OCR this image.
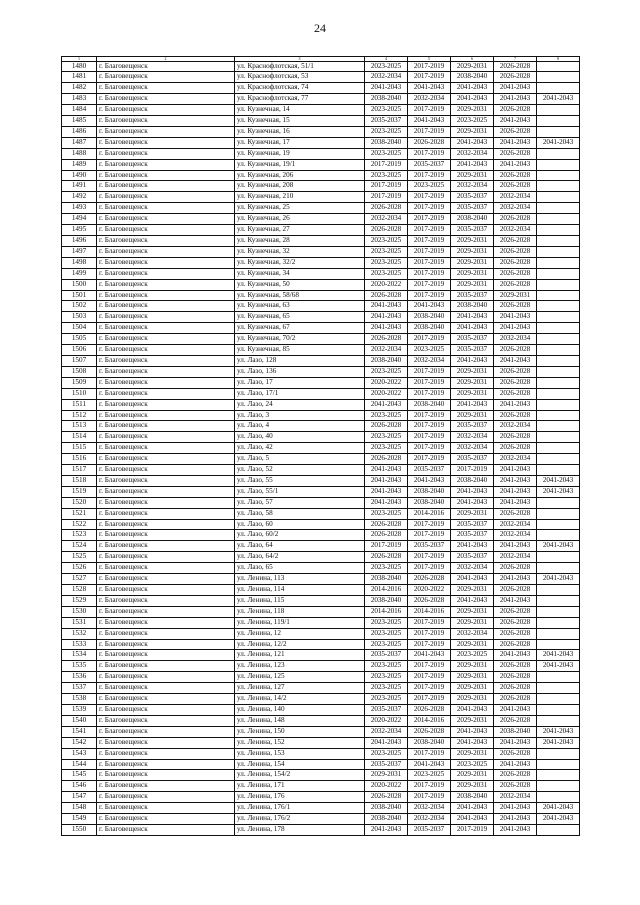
24
1	2	3	4	5	6	7	8
1480	г. Благовещенск	ул. Краснофлотская, 51/1	2023-2025	2017-2019	2029-2031	2026-2028	
1481	г. Благовещенск	ул. Краснофлотская, 53	2032-2034	2017-2019	2038-2040	2026-2028	
1482	г. Благовещенск	ул. Краснофлотская, 74	2041-2043	2041-2043	2041-2043	2041-2043	
1483	г. Благовещенск	ул. Краснофлотская, 77	2038-2040	2032-2034	2041-2043	2041-2043	2041-2043
1484	г. Благовещенск	ул. Кузнечная, 14	2023-2025	2017-2019	2029-2031	2026-2028	
1485	г. Благовещенск	ул. Кузнечная, 15	2035-2037	2041-2043	2023-2025	2041-2043	
1486	г. Благовещенск	ул. Кузнечная, 16	2023-2025	2017-2019	2029-2031	2026-2028	
1487	г. Благовещенск	ул. Кузнечная, 17	2038-2040	2026-2028	2041-2043	2041-2043	2041-2043
1488	г. Благовещенск	ул. Кузнечная, 19	2023-2025	2017-2019	2032-2034	2026-2028	
1489	г. Благовещенск	ул. Кузнечная, 19/1	2017-2019	2035-2037	2041-2043	2041-2043	
1490	г. Благовещенск	ул. Кузнечная, 206	2023-2025	2017-2019	2029-2031	2026-2028	
1491	г. Благовещенск	ул. Кузнечная, 208	2017-2019	2023-2025	2032-2034	2026-2028	
1492	г. Благовещенск	ул. Кузнечная, 210	2017-2019	2017-2019	2035-2037	2032-2034	
1493	г. Благовещенск	ул. Кузнечная, 25	2026-2028	2017-2019	2035-2037	2032-2034	
1494	г. Благовещенск	ул. Кузнечная, 26	2032-2034	2017-2019	2038-2040	2026-2028	
1495	г. Благовещенск	ул. Кузнечная, 27	2026-2028	2017-2019	2035-2037	2032-2034	
1496	г. Благовещенск	ул. Кузнечная, 28	2023-2025	2017-2019	2029-2031	2026-2028	
1497	г. Благовещенск	ул. Кузнечная, 32	2023-2025	2017-2019	2029-2031	2026-2028	
1498	г. Благовещенск	ул. Кузнечная, 32/2	2023-2025	2017-2019	2029-2031	2026-2028	
1499	г. Благовещенск	ул. Кузнечная, 34	2023-2025	2017-2019	2029-2031	2026-2028	
1500	г. Благовещенск	ул. Кузнечная, 50	2020-2022	2017-2019	2029-2031	2026-2028	
1501	г. Благовещенск	ул. Кузнечная, 58/68	2026-2028	2017-2019	2035-2037	2029-2031	
1502	г. Благовещенск	ул. Кузнечная, 63	2041-2043	2041-2043	2038-2040	2026-2028	
1503	г. Благовещенск	ул. Кузнечная, 65	2041-2043	2038-2040	2041-2043	2041-2043	
1504	г. Благовещенск	ул. Кузнечная, 67	2041-2043	2038-2040	2041-2043	2041-2043	
1505	г. Благовещенск	ул. Кузнечная, 70/2	2026-2028	2017-2019	2035-2037	2032-2034	
1506	г. Благовещенск	ул. Кузнечная, 85	2032-2034	2023-2025	2035-2037	2026-2028	
1507	г. Благовещенск	ул. Лазо, 128	2038-2040	2032-2034	2041-2043	2041-2043	
1508	г. Благовещенск	ул. Лазо, 136	2023-2025	2017-2019	2029-2031	2026-2028	
1509	г. Благовещенск	ул. Лазо, 17	2020-2022	2017-2019	2029-2031	2026-2028	
1510	г. Благовещенск	ул. Лазо, 17/1	2020-2022	2017-2019	2029-2031	2026-2028	
1511	г. Благовещенск	ул. Лазо, 24	2041-2043	2038-2040	2041-2043	2041-2043	
1512	г. Благовещенск	ул. Лазо, 3	2023-2025	2017-2019	2029-2031	2026-2028	
1513	г. Благовещенск	ул. Лазо, 4	2026-2028	2017-2019	2035-2037	2032-2034	
1514	г. Благовещенск	ул. Лазо, 40	2023-2025	2017-2019	2032-2034	2026-2028	
1515	г. Благовещенск	ул. Лазо, 42	2023-2025	2017-2019	2032-2034	2026-2028	
1516	г. Благовещенск	ул. Лазо, 5	2026-2028	2017-2019	2035-2037	2032-2034	
1517	г. Благовещенск	ул. Лазо, 52	2041-2043	2035-2037	2017-2019	2041-2043	
1518	г. Благовещенск	ул. Лазо, 55	2041-2043	2041-2043	2038-2040	2041-2043	2041-2043
1519	г. Благовещенск	ул. Лазо, 55/1	2041-2043	2038-2040	2041-2043	2041-2043	2041-2043
1520	г. Благовещенск	ул. Лазо, 57	2041-2043	2038-2040	2041-2043	2041-2043	
1521	г. Благовещенск	ул. Лазо, 58	2023-2025	2014-2016	2029-2031	2026-2028	
1522	г. Благовещенск	ул. Лазо, 60	2026-2028	2017-2019	2035-2037	2032-2034	
1523	г. Благовещенск	ул. Лазо, 60/2	2026-2028	2017-2019	2035-2037	2032-2034	
1524	г. Благовещенск	ул. Лазо, 64	2017-2019	2035-2037	2041-2043	2041-2043	2041-2043
1525	г. Благовещенск	ул. Лазо, 64/2	2026-2028	2017-2019	2035-2037	2032-2034	
1526	г. Благовещенск	ул. Лазо, 65	2023-2025	2017-2019	2032-2034	2026-2028	
1527	г. Благовещенск	ул. Ленина, 113	2038-2040	2026-2028	2041-2043	2041-2043	2041-2043
1528	г. Благовещенск	ул. Ленина, 114	2014-2016	2020-2022	2029-2031	2026-2028	
1529	г. Благовещенск	ул. Ленина, 115	2038-2040	2026-2028	2041-2043	2041-2043	
1530	г. Благовещенск	ул. Ленина, 118	2014-2016	2014-2016	2029-2031	2026-2028	
1531	г. Благовещенск	ул. Ленина, 119/1	2023-2025	2017-2019	2029-2031	2026-2028	
1532	г. Благовещенск	ул. Ленина, 12	2023-2025	2017-2019	2032-2034	2026-2028	
1533	г. Благовещенск	ул. Ленина, 12/2	2023-2025	2017-2019	2029-2031	2026-2028	
1534	г. Благовещенск	ул. Ленина, 121	2035-2037	2041-2043	2023-2025	2041-2043	2041-2043
1535	г. Благовещенск	ул. Ленина, 123	2023-2025	2017-2019	2029-2031	2026-2028	2041-2043
1536	г. Благовещенск	ул. Ленина, 125	2023-2025	2017-2019	2029-2031	2026-2028	
1537	г. Благовещенск	ул. Ленина, 127	2023-2025	2017-2019	2029-2031	2026-2028	
1538	г. Благовещенск	ул. Ленина, 14/2	2023-2025	2017-2019	2029-2031	2026-2028	
1539	г. Благовещенск	ул. Ленина, 140	2035-2037	2026-2028	2041-2043	2041-2043	
1540	г. Благовещенск	ул. Ленина, 148	2020-2022	2014-2016	2029-2031	2026-2028	
1541	г. Благовещенск	ул. Ленина, 150	2032-2034	2026-2028	2041-2043	2038-2040	2041-2043
1542	г. Благовещенск	ул. Ленина, 152	2041-2043	2038-2040	2041-2043	2041-2043	2041-2043
1543	г. Благовещенск	ул. Ленина, 153	2023-2025	2017-2019	2029-2031	2026-2028	
1544	г. Благовещенск	ул. Ленина, 154	2035-2037	2041-2043	2023-2025	2041-2043	
1545	г. Благовещенск	ул. Ленина, 154/2	2029-2031	2023-2025	2029-2031	2026-2028	
1546	г. Благовещенск	ул. Ленина, 171	2020-2022	2017-2019	2029-2031	2026-2028	
1547	г. Благовещенск	ул. Ленина, 176	2026-2028	2017-2019	2038-2040	2032-2034	
1548	г. Благовещенск	ул. Ленина, 176/1	2038-2040	2032-2034	2041-2043	2041-2043	2041-2043
1549	г. Благовещенск	ул. Ленина, 176/2	2038-2040	2032-2034	2041-2043	2041-2043	2041-2043
1550	г. Благовещенск	ул. Ленина, 178	2041-2043	2035-2037	2017-2019	2041-2043	
